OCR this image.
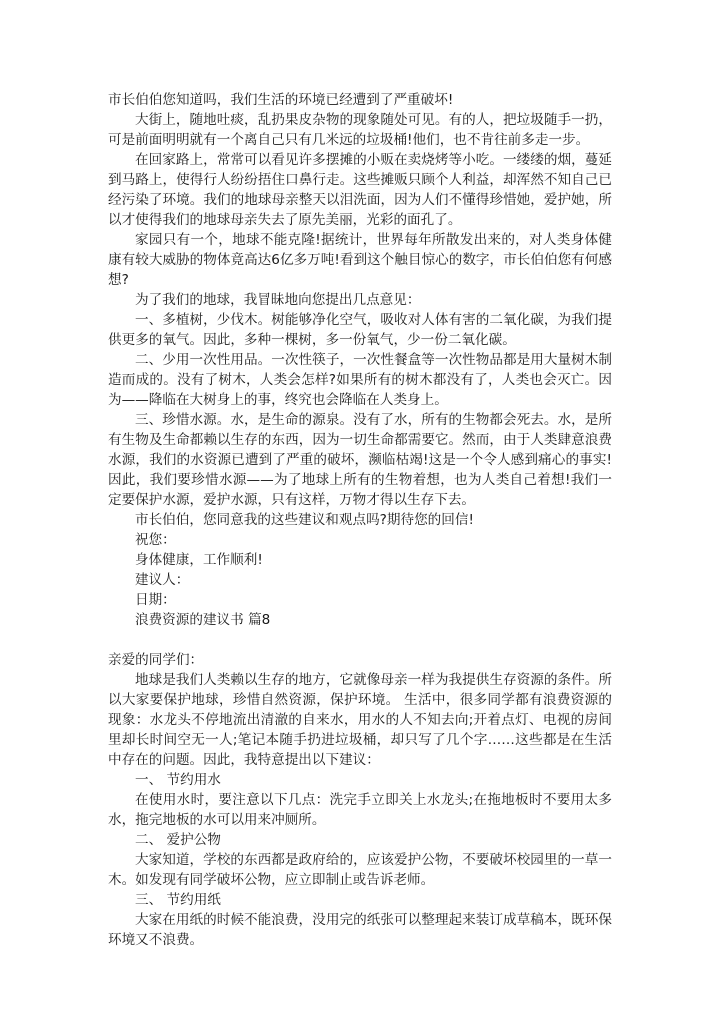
市长伯伯您知道吗，我们生活的环境已经遭到了严重破坏!

大街上，随地吐痰，乱扔果皮杂物的现象随处可见。有的人，把垃圾随手一扔，可是前面明明就有一个离自己只有几米远的垃圾桶!他们，也不肯往前多走一步。

在回家路上，常常可以看见许多摆摊的小贩在卖烧烤等小吃。一缕缕的烟，蔓延到马路上，使得行人纷纷捂住口鼻行走。这些摊贩只顾个人利益，却浑然不知自己已经污染了环境。我们的地球母亲整天以泪洗面，因为人们不懂得珍惜她，爱护她，所以才使得我们的地球母亲失去了原先美丽，光彩的面孔了。

家园只有一个，地球不能克隆!据统计，世界每年所散发出来的，对人类身体健康有较大威胁的物体竟高达6亿多万吨!看到这个触目惊心的数字，市长伯伯您有何感想?

为了我们的地球，我冒昧地向您提出几点意见：

一、多植树，少伐木。树能够净化空气，吸收对人体有害的二氧化碳，为我们提供更多的氧气。因此，多种一棵树，多一份氧气，少一份二氧化碳。

二、少用一次性用品。一次性筷子，一次性餐盒等一次性物品都是用大量树木制造而成的。没有了树木，人类会怎样?如果所有的树木都没有了，人类也会灭亡。因为——降临在大树身上的事，终究也会降临在人类身上。

三、珍惜水源。水，是生命的源泉。没有了水，所有的生物都会死去。水，是所有生物及生命都赖以生存的东西，因为一切生命都需要它。然而，由于人类肆意浪费水源，我们的水资源已遭到了严重的破坏，濒临枯竭!这是一个令人感到痛心的事实!因此，我们要珍惜水源——为了地球上所有的生物着想，也为人类自己着想!我们一定要保护水源，爱护水源，只有这样，万物才得以生存下去。

市长伯伯，您同意我的这些建议和观点吗?期待您的回信!

祝您：

身体健康，工作顺利!

建议人：

日期：

浪费资源的建议书 篇8

亲爱的同学们：

地球是我们人类赖以生存的地方，它就像母亲一样为我提供生存资源的条件。所以大家要保护地球，珍惜自然资源，保护环境。 生活中，很多同学都有浪费资源的现象：水龙头不停地流出清澈的自来水，用水的人不知去向;开着点灯、电视的房间里却长时间空无一人;笔记本随手扔进垃圾桶，却只写了几个字……这些都是在生活中存在的问题。因此，我特意提出以下建议：

一、 节约用水

在使用水时，要注意以下几点：洗完手立即关上水龙头;在拖地板时不要用太多水，拖完地板的水可以用来冲厕所。

二、 爱护公物

大家知道，学校的东西都是政府给的，应该爱护公物，不要破坏校园里的一草一木。如发现有同学破坏公物，应立即制止或告诉老师。

三、 节约用纸

大家在用纸的时候不能浪费，没用完的纸张可以整理起来装订成草稿本，既环保环境又不浪费。
